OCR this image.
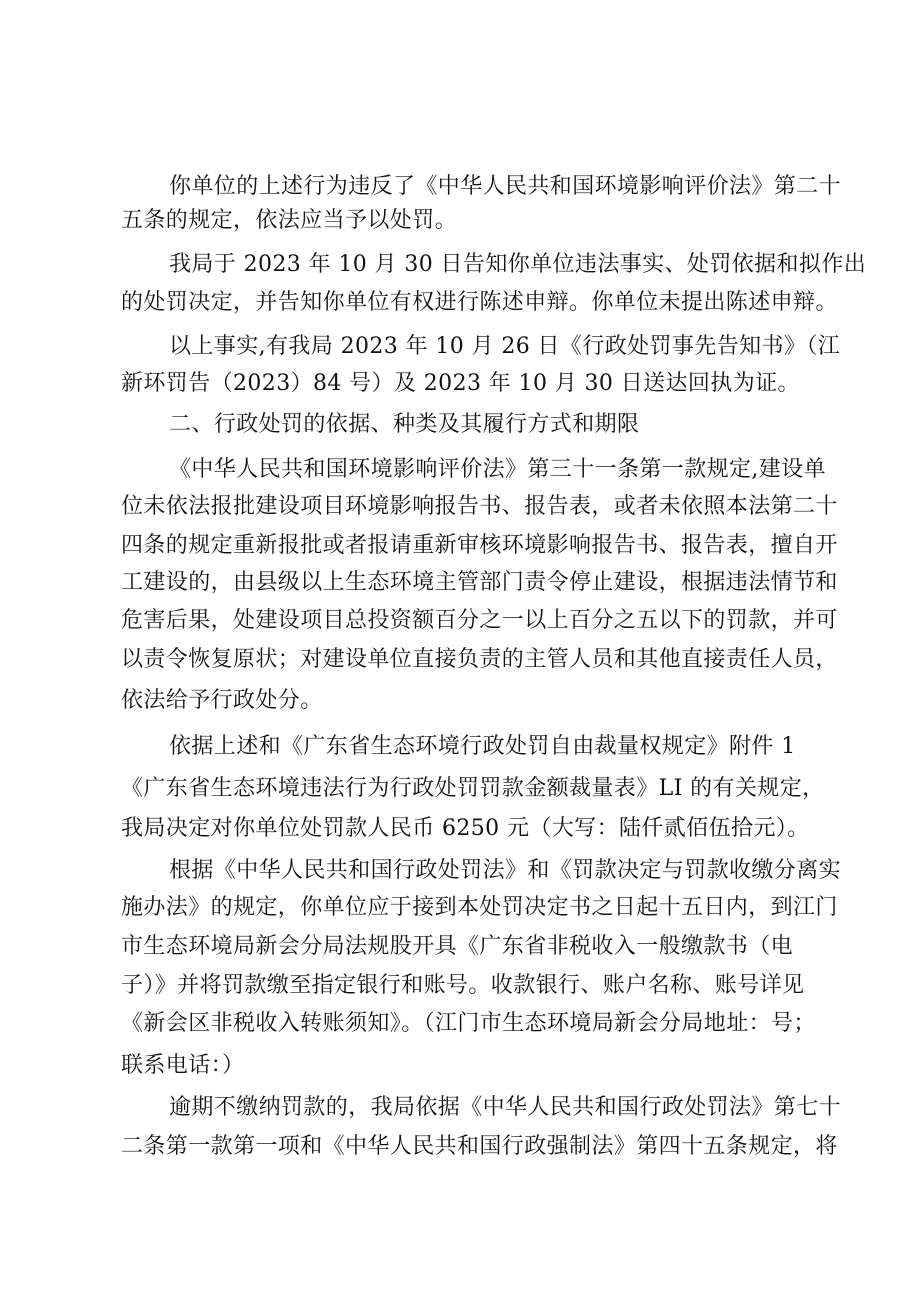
你单位的上述行为违反了《中华人民共和国环境影响评价法》第二十
五条的规定，依法应当予以处罚。
我局于 2023 年 10 月 30 日告知你单位违法事实、处罚依据和拟作出
的处罚决定，并告知你单位有权进行陈述申辩。你单位未提出陈述申辩。
以上事实,有我局 2023 年 10 月 26 日《行政处罚事先告知书》（江
新环罚告（2023）84 号）及 2023 年 10 月 30 日送达回执为证。
二、行政处罚的依据、种类及其履行方式和期限
《中华人民共和国环境影响评价法》第三十一条第一款规定,建设单
位未依法报批建设项目环境影响报告书、报告表，或者未依照本法第二十
四条的规定重新报批或者报请重新审核环境影响报告书、报告表，擅自开
工建设的，由县级以上生态环境主管部门责令停止建设，根据违法情节和
危害后果，处建设项目总投资额百分之一以上百分之五以下的罚款，并可
以责令恢复原状；对建设单位直接负责的主管人员和其他直接责任人员，
依法给予行政处分。
依据上述和《广东省生态环境行政处罚自由裁量权规定》附件 1
《广东省生态环境违法行为行政处罚罚款金额裁量表》LI 的有关规定，
我局决定对你单位处罚款人民币 6250 元（大写：陆仟贰佰伍拾元）。
根据《中华人民共和国行政处罚法》和《罚款决定与罚款收缴分离实
施办法》的规定，你单位应于接到本处罚决定书之日起十五日内，到江门
市生态环境局新会分局法规股开具《广东省非税收入一般缴款书（电
子）》并将罚款缴至指定银行和账号。收款银行、账户名称、账号详见
《新会区非税收入转账须知》。（江门市生态环境局新会分局地址：号；
联系电话：）
逾期不缴纳罚款的，我局依据《中华人民共和国行政处罚法》第七十
二条第一款第一项和《中华人民共和国行政强制法》第四十五条规定，将
